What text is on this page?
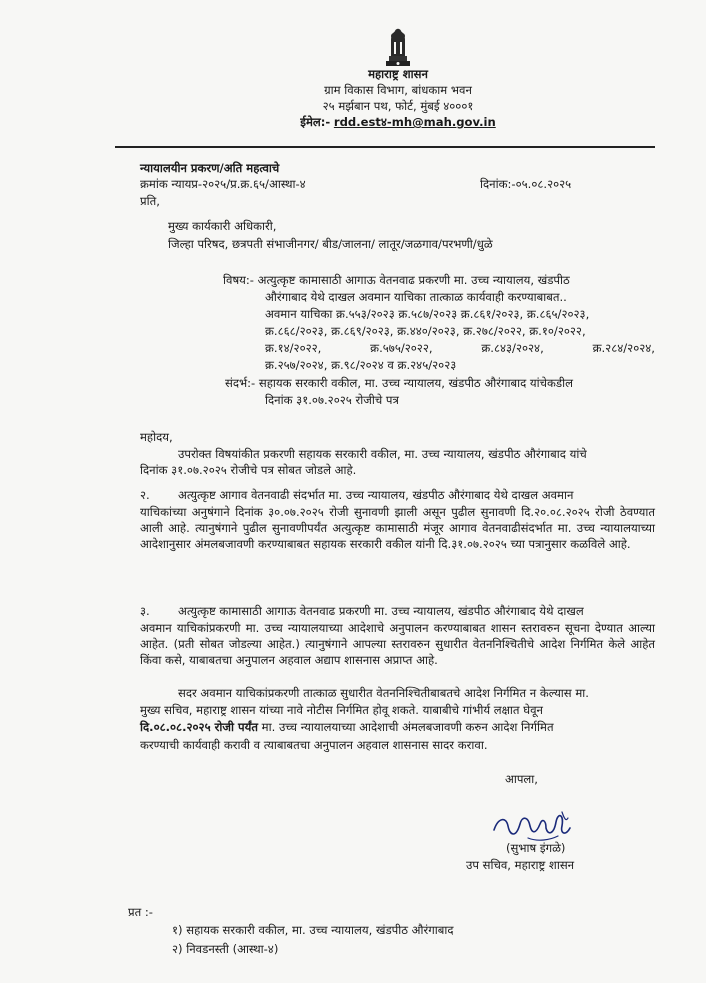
महाराष्ट्र शासन
ग्राम विकास विभाग, बांधकाम भवन
२५ मर्झबान पथ, फोर्ट, मुंबई ४०००१
ईमेल:- rdd.est४-mh@mah.gov.in
न्यायालयीन प्रकरण/अति महत्वाचे
क्रमांक न्यायप्र-२०२५/प्र.क्र.६५/आस्था-४	दिनांक:-०५.०८.२०२५
प्रति,
मुख्य कार्यकारी अधिकारी,
जिल्हा परिषद, छत्रपती संभाजीनगर/ बीड/जालना/ लातूर/जळगाव/परभणी/धुळे
विषय:- अत्युत्कृष्ट कामासाठी आगाऊ वेतनवाढ प्रकरणी मा. उच्च न्यायालय, खंडपीठ
औरंगाबाद येथे दाखल अवमान याचिका तात्काळ कार्यवाही करण्याबाबत..
अवमान याचिका क्र.५५३/२०२३ क्र.५८७/२०२३ क्र.८६१/२०२३, क्र.८६५/२०२३,
क्र.८६८/२०२३, क्र.८६९/२०२३, क्र.४४०/२०२३, क्र.२७८/२०२२, क्र.१०/२०२२,
क्र.१४/२०२२,	क्र.५७५/२०२२,	क्र.८४३/२०२४,	क्र.२८४/२०२४,
क्र.२५७/२०२४, क्र.९८/२०२४ व क्र.२४५/२०२३
संदर्भ:- सहायक सरकारी वकील, मा. उच्च न्यायालय, खंडपीठ औरंगाबाद यांचेकडील
दिनांक ३१.०७.२०२५ रोजीचे पत्र
महोदय,
उपरोक्त विषयांकीत प्रकरणी सहायक सरकारी वकील, मा. उच्च न्यायालय, खंडपीठ औरंगाबाद यांचे
दिनांक ३१.०७.२०२५ रोजीचे पत्र सोबत जोडले आहे.
२. अत्युत्कृष्ट आगाव वेतनवाढी संदर्भात मा. उच्च न्यायालय, खंडपीठ औरंगाबाद येथे दाखल अवमान
याचिकांच्या अनुषंगाने दिनांक ३०.०७.२०२५ रोजी सुनावणी झाली असून पुढील सुनावणी दि.२०.०८.२०२५ रोजी ठेवण्यात आली आहे. त्यानुषंगाने पुढील सुनावणीपर्यंत अत्युत्कृष्ट कामासाठी मंजूर आगाव वेतनवाढीसंदर्भात मा. उच्च न्यायालयाच्या आदेशानुसार अंमलबजावणी करण्याबाबत सहायक सरकारी वकील यांनी दि.३१.०७.२०२५ च्या पत्रानुसार कळविले आहे.
३. अत्युत्कृष्ट कामासाठी आगाऊ वेतनवाढ प्रकरणी मा. उच्च न्यायालय, खंडपीठ औरंगाबाद येथे दाखल
अवमान याचिकांप्रकरणी मा. उच्च न्यायालयाच्या आदेशाचे अनुपालन करण्याबाबत शासन स्तरावरुन सूचना देण्यात आल्या आहेत. (प्रती सोबत जोडल्या आहेत.) त्यानुषंगाने आपल्या स्तरावरुन सुधारीत वेतननिश्चितीचे आदेश निर्गमित केले आहेत किंवा कसे, याबाबतचा अनुपालन अहवाल अद्याप शासनास अप्राप्त आहे.
सदर अवमान याचिकांप्रकरणी तात्काळ सुधारीत वेतननिश्चितीबाबतचे आदेश निर्गमित न केल्यास मा.
मुख्य सचिव, महाराष्ट्र शासन यांच्या नावे नोटीस निर्गमित होवू शकते. याबाबीचे गांभीर्य लक्षात घेवून
दि.०८.०८.२०२५ रोजी पर्यंत मा. उच्च न्यायालयाच्या आदेशाची अंमलबजावणी करुन आदेश निर्गमित
करण्याची कार्यवाही करावी व त्याबाबतचा अनुपालन अहवाल शासनास सादर करावा.
आपला,
(सुभाष इंगळे)
उप सचिव, महाराष्ट्र शासन
प्रत :-
१) सहायक सरकारी वकील, मा. उच्च न्यायालय, खंडपीठ औरंगाबाद
२) निवडनस्ती (आस्था-४)
